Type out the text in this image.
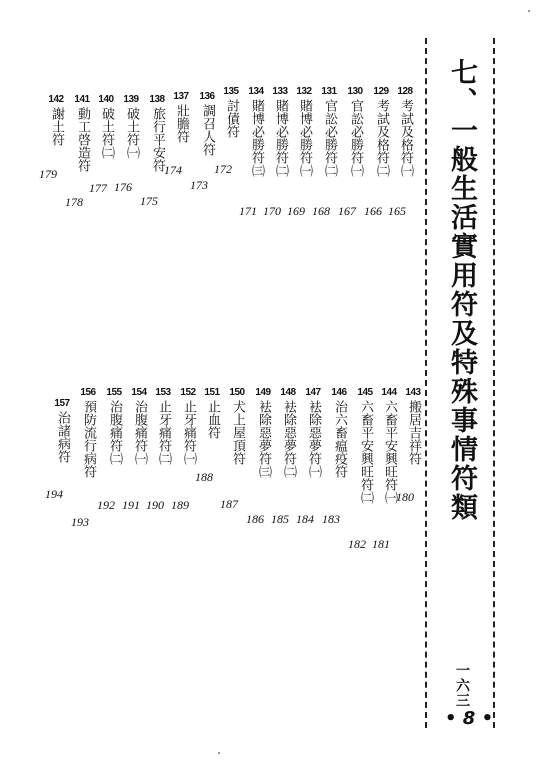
七、一般生活實用符及特殊事情符類
一六三
• 8 •
128
考試及格符㈠
165
129
考試及格符㈡
166
130
官訟必勝符㈠
167
131
官訟必勝符㈡
168
132
賭博必勝符㈠
169
133
賭博必勝符㈡
170
134
賭博必勝符㈢
171
135
討債符
172
136
調召人符
173
137
壯膽符
174
138
旅行平安符
175
139
破土符㈠
176
140
破土符㈡
177
141
動工啓造符
178
142
謝土符
179
143
搬居吉祥符
180
144
六畜平安興旺符㈠
181
145
六畜平安興旺符㈡
182
146
治六畜瘟疫符
183
147
袪除惡夢符㈠
184
148
袪除惡夢符㈡
185
149
袪除惡夢符㈢
186
150
犬上屋頂符
187
151
止血符
188
152
止牙痛符㈠
189
153
止牙痛符㈡
190
154
治腹痛符㈠
191
155
治腹痛符㈡
192
156
預防流行病符
193
157
治諸病符
194
